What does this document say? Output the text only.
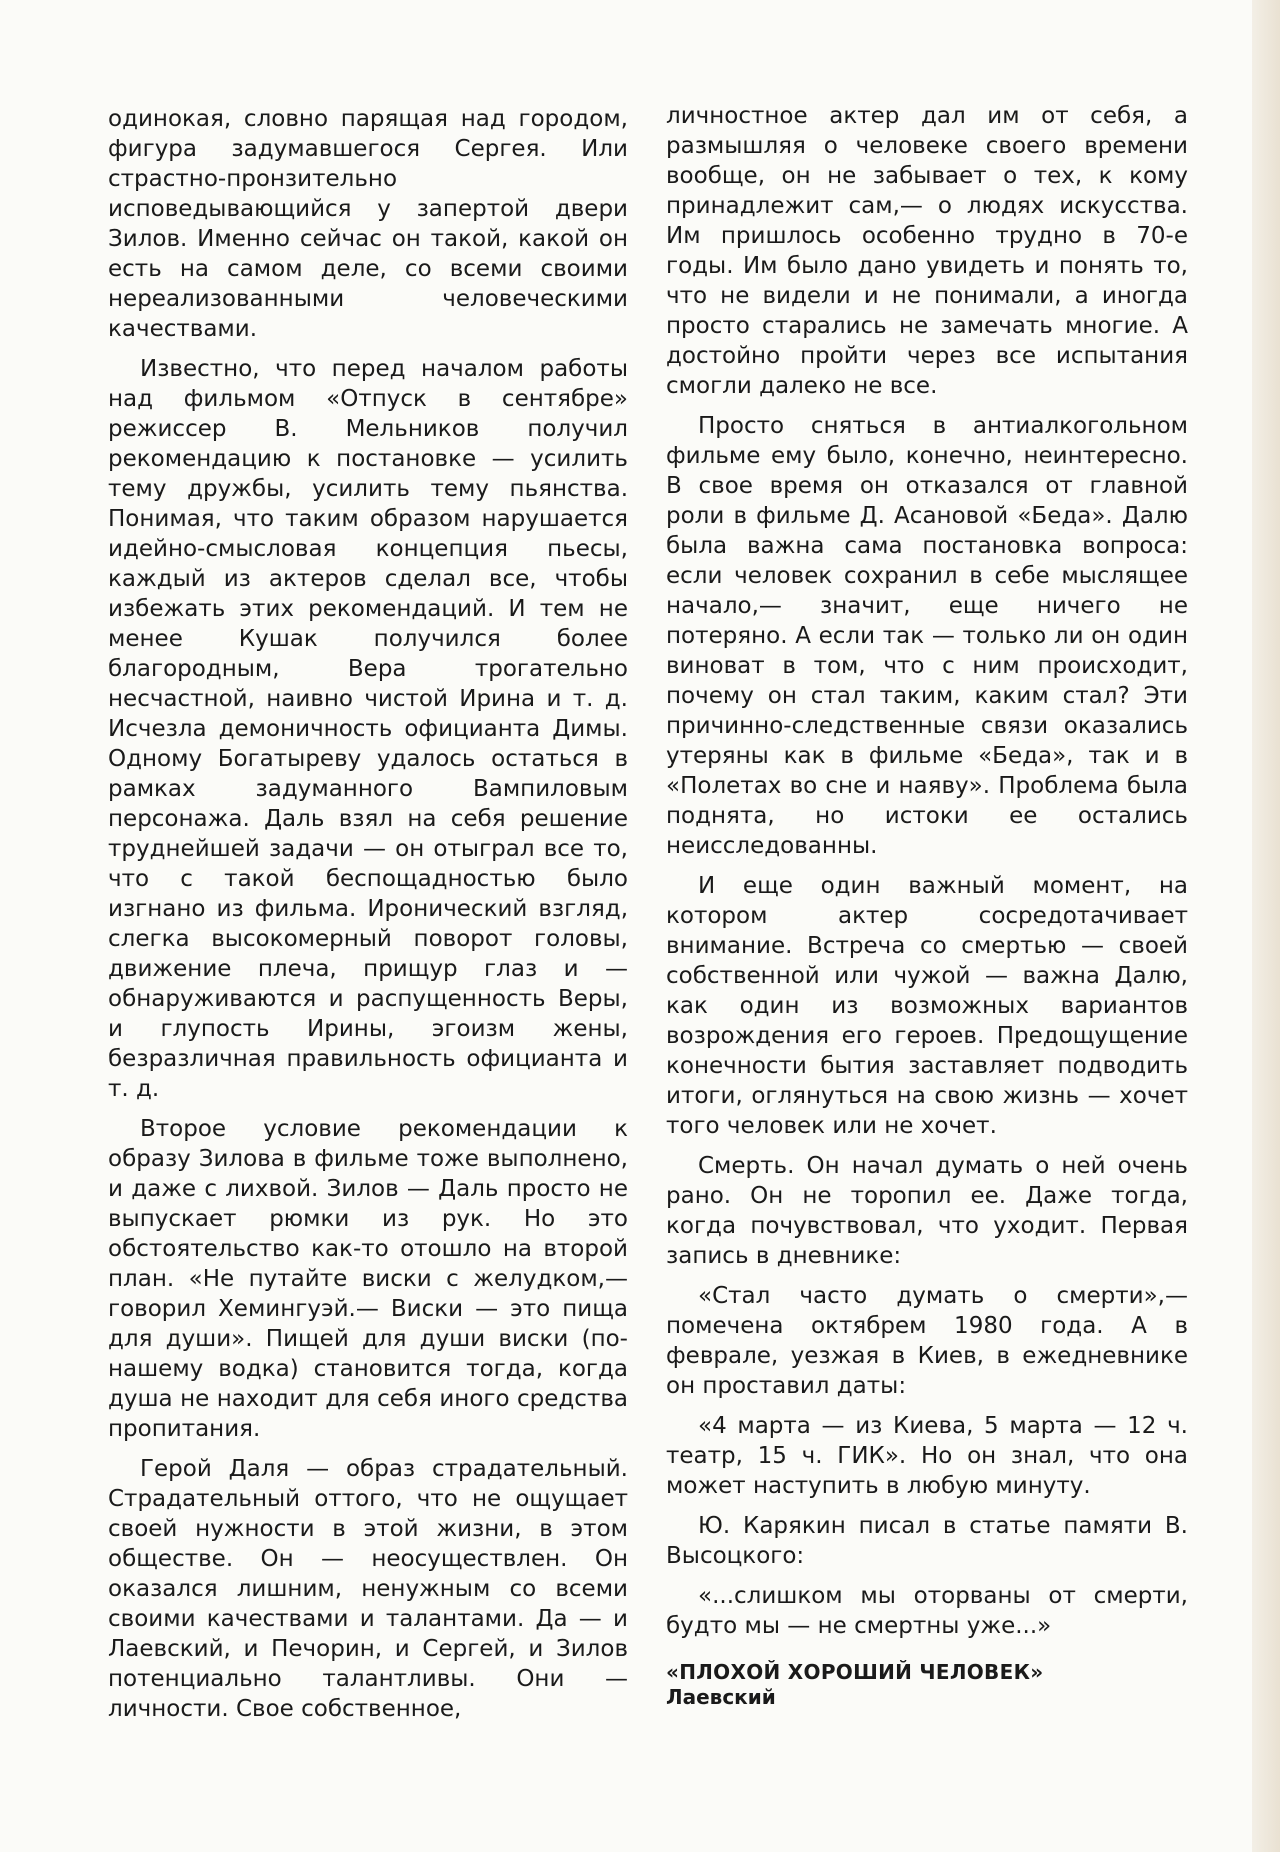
одинокая, словно парящая над городом, фигура задумавшегося Сергея. Или страстно-пронзительно исповедывающийся у запертой двери Зилов. Именно сейчас он такой, какой он есть на самом деле, со всеми своими нереализованными человеческими качествами.

Известно, что перед началом работы над фильмом «Отпуск в сентябре» режиссер В. Мельников получил рекомендацию к постановке — усилить тему дружбы, усилить тему пьянства. Понимая, что таким образом нарушается идейно-смысловая концепция пьесы, каждый из актеров сделал все, чтобы избежать этих рекомендаций. И тем не менее Кушак получился более благородным, Вера трогательно несчастной, наивно чистой Ирина и т. д. Исчезла демоничность официанта Димы. Одному Богатыреву удалось остаться в рамках задуманного Вампиловым персонажа. Даль взял на себя решение труднейшей задачи — он отыграл все то, что с такой беспощадностью было изгнано из фильма. Иронический взгляд, слегка высокомерный поворот головы, движение плеча, прищур глаз и — обнаруживаются и распущенность Веры, и глупость Ирины, эгоизм жены, безразличная правильность официанта и т. д.

Второе условие рекомендации к образу Зилова в фильме тоже выполнено, и даже с лихвой. Зилов — Даль просто не выпускает рюмки из рук. Но это обстоятельство как-то отошло на второй план. «Не путайте виски с желудком,— говорил Хемингуэй.— Виски — это пища для души». Пищей для души виски (по-нашему водка) становится тогда, когда душа не находит для себя иного средства пропитания.

Герой Даля — образ страдательный. Страдательный оттого, что не ощущает своей нужности в этой жизни, в этом обществе. Он — неосуществлен. Он оказался лишним, ненужным со всеми своими качествами и талантами. Да — и Лаевский, и Печорин, и Сергей, и Зилов потенциально талантливы. Они — личности. Свое собственное,

личностное актер дал им от себя, а размышляя о человеке своего времени вообще, он не забывает о тех, к кому принадлежит сам,— о людях искусства. Им пришлось особенно трудно в 70-е годы. Им было дано увидеть и понять то, что не видели и не понимали, а иногда просто старались не замечать многие. А достойно пройти через все испытания смогли далеко не все.

Просто сняться в антиалкогольном фильме ему было, конечно, неинтересно. В свое время он отказался от главной роли в фильме Д. Асановой «Беда». Далю была важна сама постановка вопроса: если человек сохранил в себе мыслящее начало,— значит, еще ничего не потеряно. А если так — только ли он один виноват в том, что с ним происходит, почему он стал таким, каким стал? Эти причинно-следственные связи оказались утеряны как в фильме «Беда», так и в «Полетах во сне и наяву». Проблема была поднята, но истоки ее остались неисследованны.

И еще один важный момент, на котором актер сосредотачивает внимание. Встреча со смертью — своей собственной или чужой — важна Далю, как один из возможных вариантов возрождения его героев. Предощущение конечности бытия заставляет подводить итоги, оглянуться на свою жизнь — хочет того человек или не хочет.

Смерть. Он начал думать о ней очень рано. Он не торопил ее. Даже тогда, когда почувствовал, что уходит. Первая запись в дневнике:

«Стал часто думать о смерти»,— помечена октябрем 1980 года. А в феврале, уезжая в Киев, в ежедневнике он проставил даты:

«4 марта — из Киева, 5 марта — 12 ч. театр, 15 ч. ГИК». Но он знал, что она может наступить в любую минуту.

Ю. Карякин писал в статье памяти В. Высоцкого:

«...слишком мы оторваны от смерти, будто мы — не смертны уже...»

«ПЛОХОЙ ХОРОШИЙ ЧЕЛОВЕК»
Лаевский
